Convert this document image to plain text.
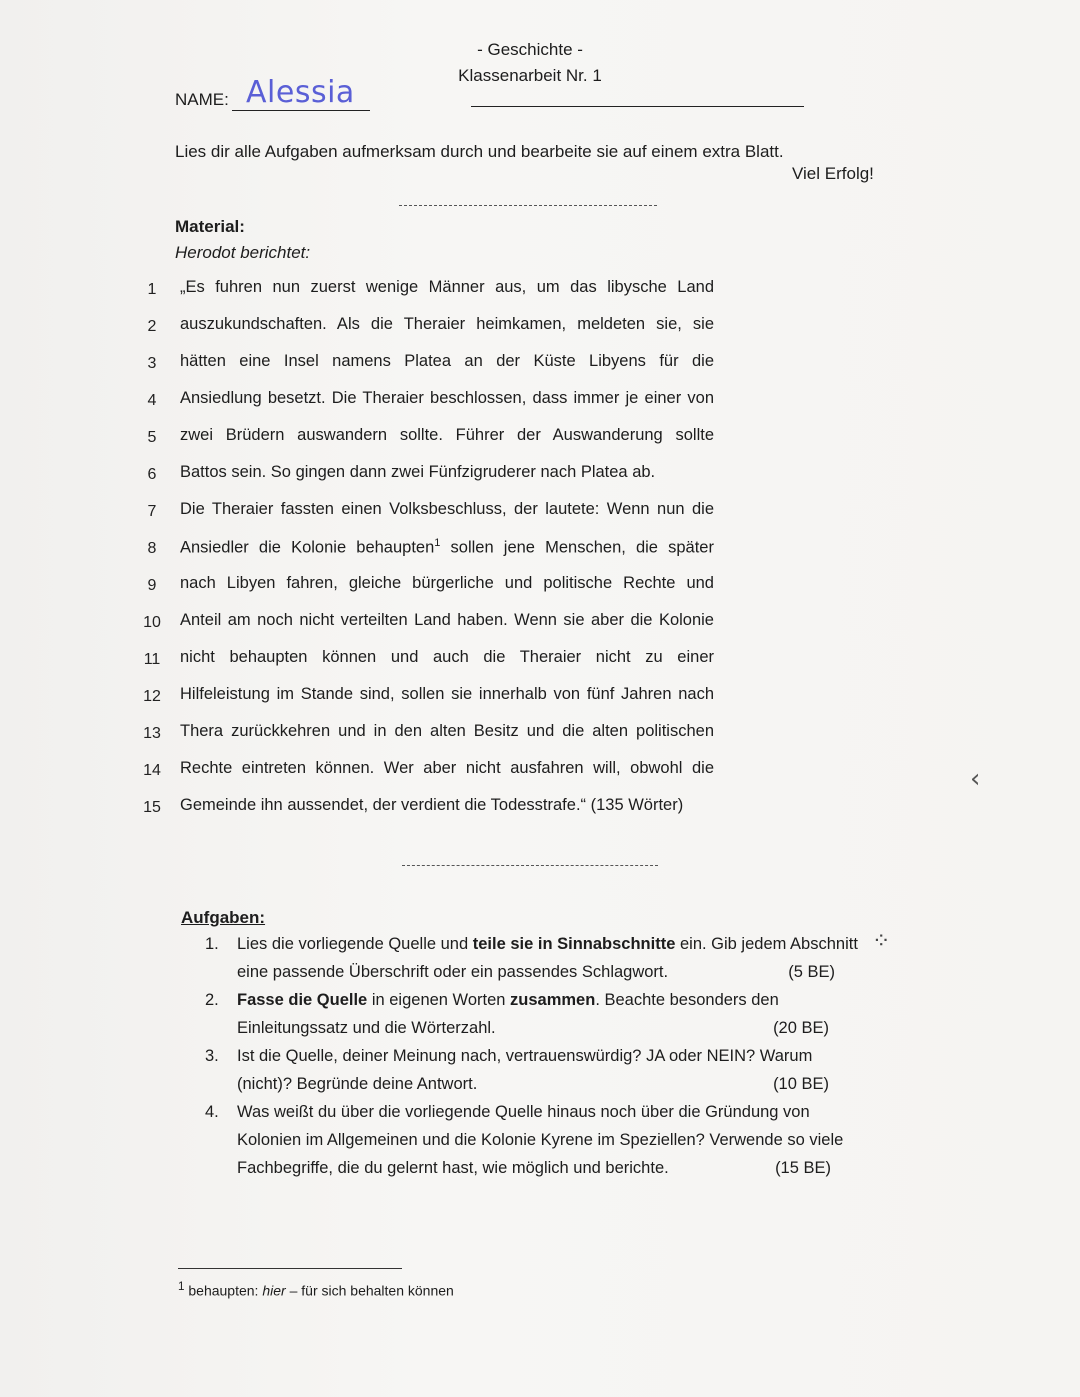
- Geschichte -
Klassenarbeit Nr. 1
NAME: Alessia
Lies dir alle Aufgaben aufmerksam durch und bearbeite sie auf einem extra Blatt.
Viel Erfolg!
Material:
Herodot berichtet:
1	„Es fuhren nun zuerst wenige Männer aus, um das libysche Land
2	auszukundschaften. Als die Theraier heimkamen, meldeten sie, sie
3	hätten eine Insel namens Platea an der Küste Libyens für die
4	Ansiedlung besetzt. Die Theraier beschlossen, dass immer je einer von
5	zwei Brüdern auswandern sollte. Führer der Auswanderung sollte
6	Battos sein. So gingen dann zwei Fünfzigruderer nach Platea ab.
7	Die Theraier fassten einen Volksbeschluss, der lautete: Wenn nun die
8	Ansiedler die Kolonie behaupten$^1$ sollen jene Menschen, die später
9	nach Libyen fahren, gleiche bürgerliche und politische Rechte und
10	Anteil am noch nicht verteilten Land haben. Wenn sie aber die Kolonie
11	nicht behaupten können und auch die Theraier nicht zu einer
12	Hilfeleistung im Stande sind, sollen sie innerhalb von fünf Jahren nach
13	Thera zurückkehren und in den alten Besitz und die alten politischen
14	Rechte eintreten können. Wer aber nicht ausfahren will, obwohl die
15	Gemeinde ihn aussendet, der verdient die Todesstrafe.“ (135 Wörter)
Aufgaben:
1.	Lies die vorliegende Quelle und teile sie in Sinnabschnitte ein. Gib jedem Abschnitt eine passende Überschrift oder ein passendes Schlagwort.	(5 BE)
2.	Fasse die Quelle in eigenen Worten zusammen. Beachte besonders den Einleitungssatz und die Wörterzahl.	(20 BE)
3.	Ist die Quelle, deiner Meinung nach, vertrauenswürdig? JA oder NEIN? Warum (nicht)? Begründe deine Antwort.	(10 BE)
4.	Was weißt du über die vorliegende Quelle hinaus noch über die Gründung von Kolonien im Allgemeinen und die Kolonie Kyrene im Speziellen? Verwende so viele Fachbegriffe, die du gelernt hast, wie möglich und berichte.	(15 BE)
$^1$ behaupten: hier – für sich behalten können
‹
⁘
